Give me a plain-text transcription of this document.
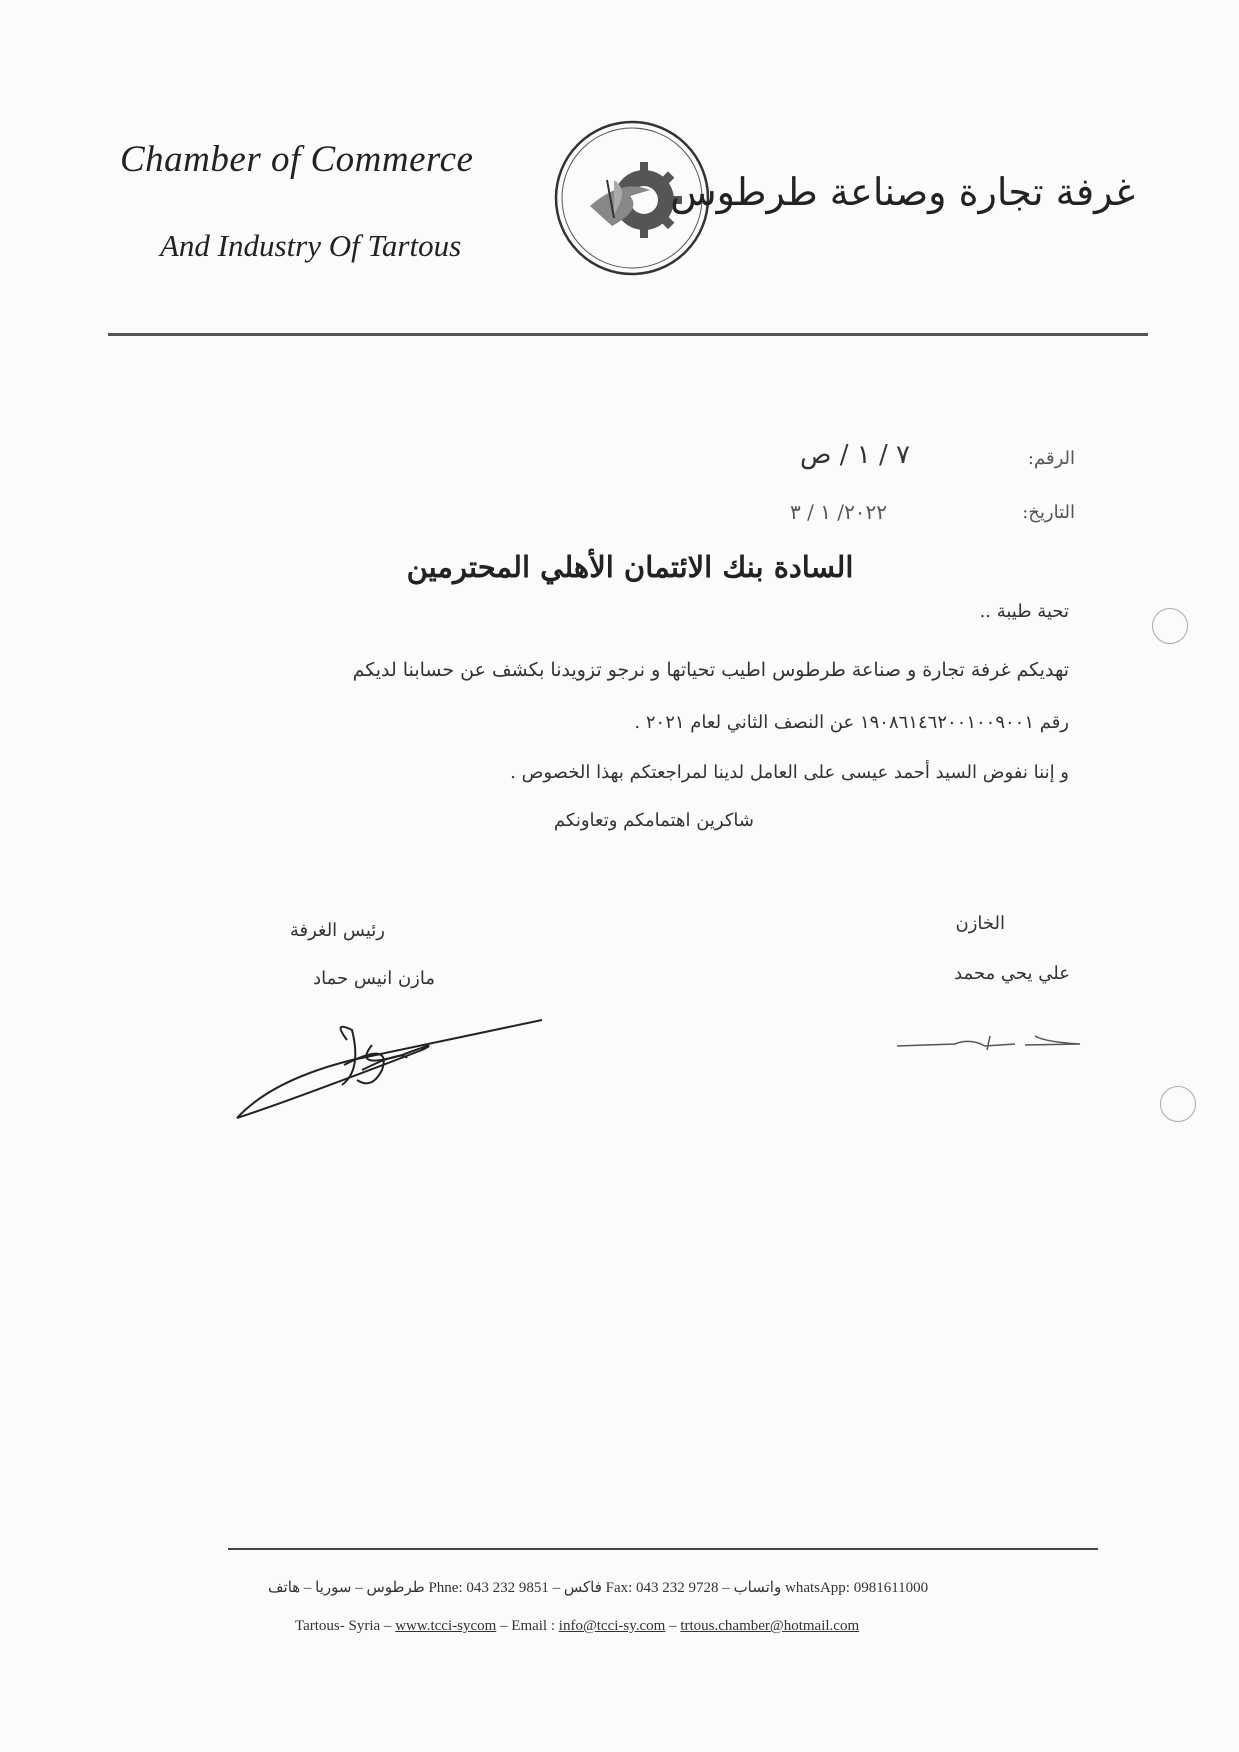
Chamber of Commerce
And Industry Of Tartous
غرفة تجارة وصناعة طرطوس
الرقم:
٧ / ١ / ص
التاريخ:
٢٠٢٢/ ١ / ٣
السادة بنك الائتمان الأهلي المحترمين
تحية طيبة ..
تهديكم غرفة تجارة و صناعة طرطوس اطيب تحياتها و نرجو تزويدنا بكشف عن حسابنا لديكم
رقم ١٩٠٨٦١٤٦٢٠٠١٠٠٩٠٠١ عن النصف الثاني لعام ٢٠٢١ .
و إننا نفوض السيد أحمد عيسى على العامل لدينا لمراجعتكم بهذا الخصوص .
شاكرين اهتمامكم وتعاونكم
الخازن
علي يحي محمد
رئيس الغرفة
مازن انيس حماد
طرطوس – سوريا – هاتف Phne: 043 232 9851 – فاكس Fax: 043 232 9728 – واتساب whatsApp: 0981611000
Tartous- Syria – www.tcci-sycom – Email : info@tcci-sy.com – trtous.chamber@hotmail.com
